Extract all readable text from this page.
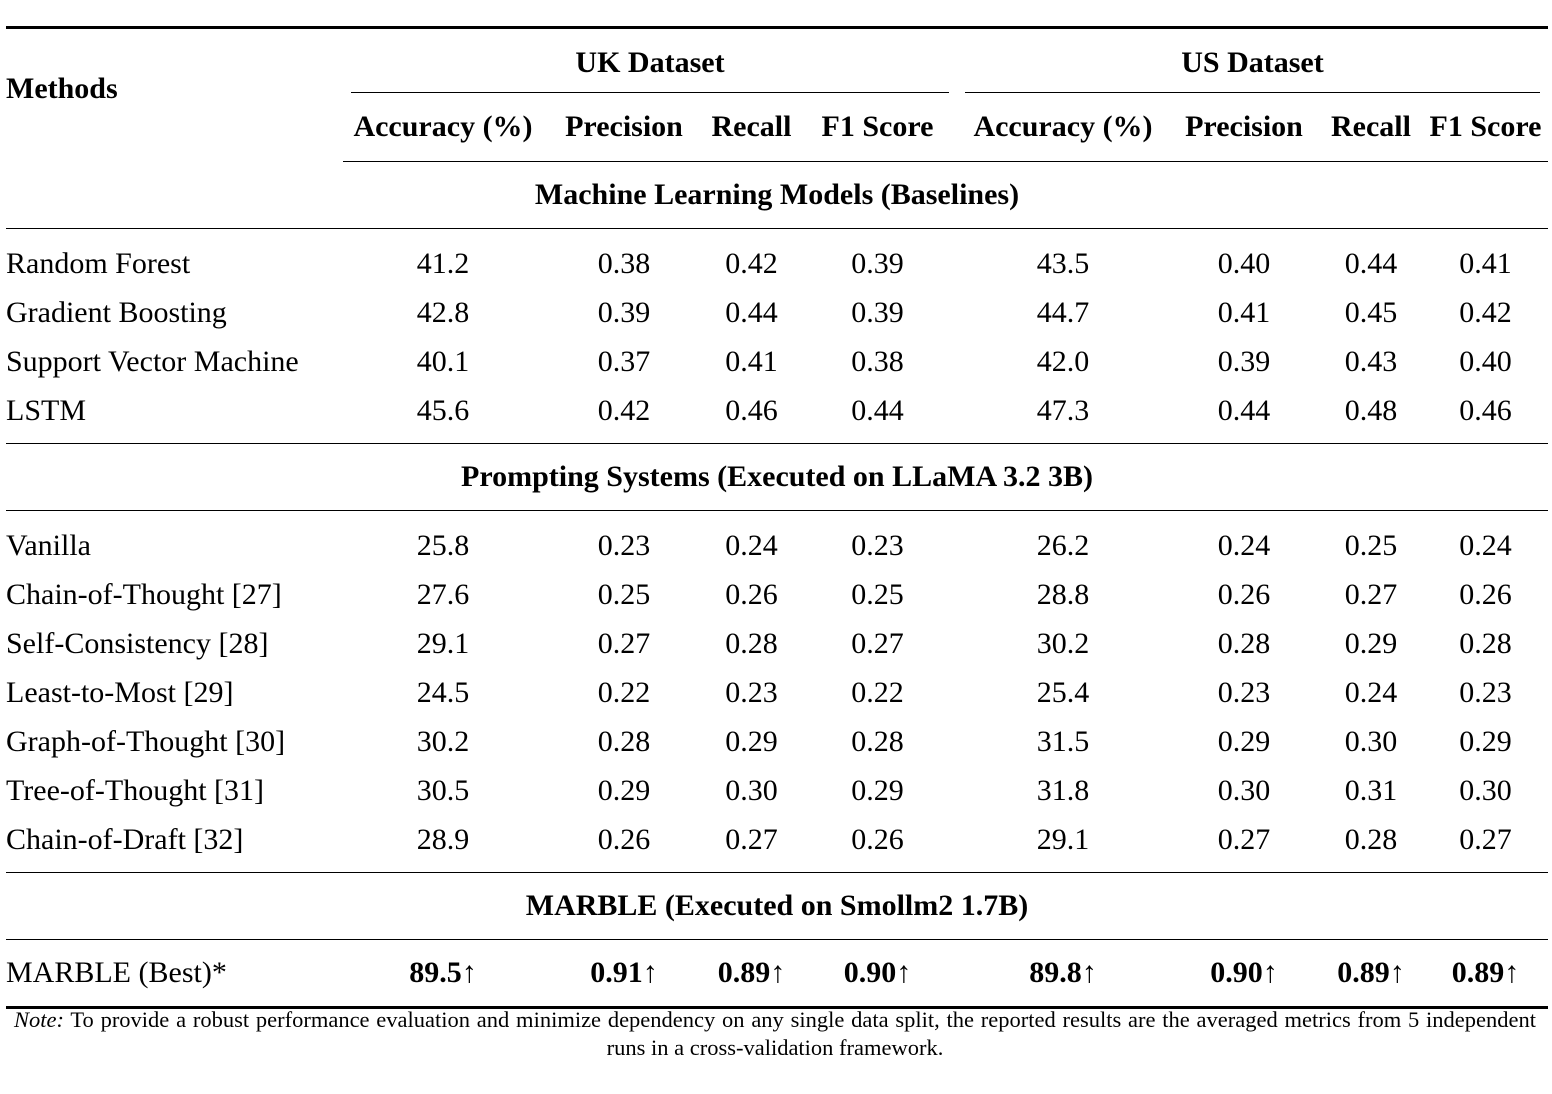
Methods	UK Dataset				US Dataset			

	Accuracy (%)	Precision	Recall	F1 Score	Accuracy (%)	Precision	Recall	F1 Score
Machine Learning Models (Baselines)								
Random Forest	41.2	0.38	0.42	0.39	43.5	0.40	0.44	0.41
Gradient Boosting	42.8	0.39	0.44	0.39	44.7	0.41	0.45	0.42
Support Vector Machine	40.1	0.37	0.41	0.38	42.0	0.39	0.43	0.40
LSTM	45.6	0.42	0.46	0.44	47.3	0.44	0.48	0.46
Prompting Systems (Executed on LLaMA 3.2 3B)								
Vanilla	25.8	0.23	0.24	0.23	26.2	0.24	0.25	0.24
Chain-of-Thought [27]	27.6	0.25	0.26	0.25	28.8	0.26	0.27	0.26
Self-Consistency [28]	29.1	0.27	0.28	0.27	30.2	0.28	0.29	0.28
Least-to-Most [29]	24.5	0.22	0.23	0.22	25.4	0.23	0.24	0.23
Graph-of-Thought [30]	30.2	0.28	0.29	0.28	31.5	0.29	0.30	0.29
Tree-of-Thought [31]	30.5	0.29	0.30	0.29	31.8	0.30	0.31	0.30
Chain-of-Draft [32]	28.9	0.26	0.27	0.26	29.1	0.27	0.28	0.27
MARBLE (Executed on Smollm2 1.7B)								
MARBLE (Best)*	89.5↑	0.91↑	0.89↑	0.90↑	89.8↑	0.90↑	0.89↑	0.89↑
Note: To provide a robust performance evaluation and minimize dependency on any single data split, the reported results are the averaged metrics from 5 independent runs in a cross-validation framework.
